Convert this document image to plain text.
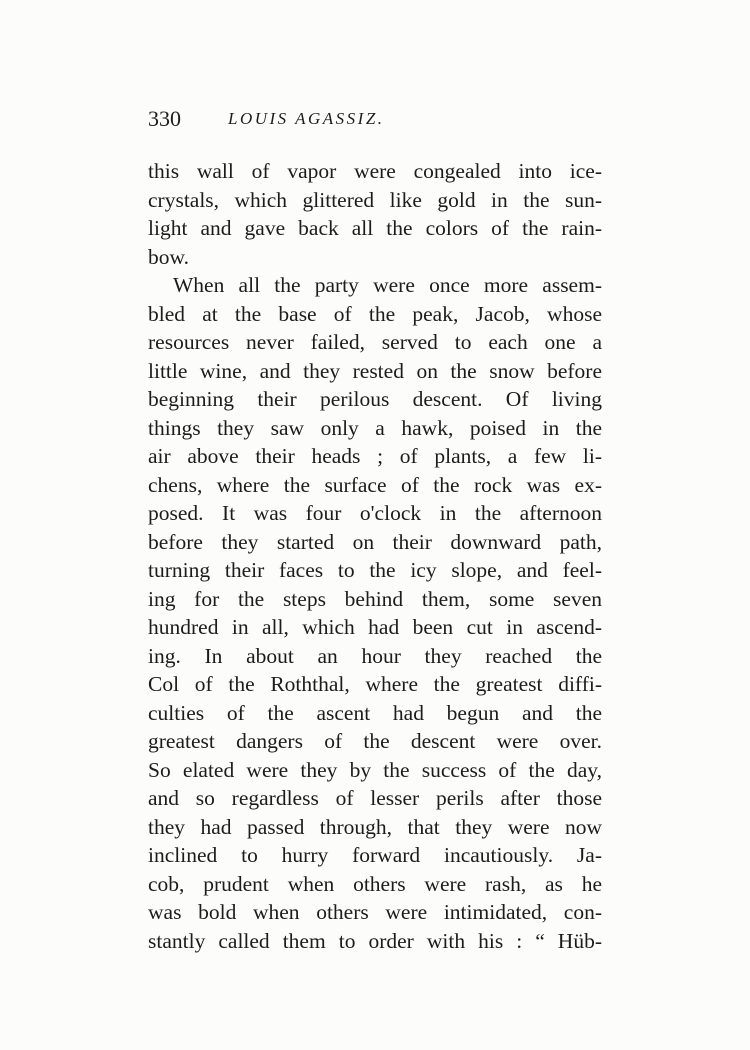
330	LOUIS AGASSIZ.
this wall of vapor were congealed into ice-
crystals, which glittered like gold in the sun-
light and gave back all the colors of the rain-
bow.
When all the party were once more assem-
bled at the base of the peak, Jacob, whose
resources never failed, served to each one a
little wine, and they rested on the snow before
beginning their perilous descent. Of living
things they saw only a hawk, poised in the
air above their heads ; of plants, a few li-
chens, where the surface of the rock was ex-
posed. It was four o'clock in the afternoon
before they started on their downward path,
turning their faces to the icy slope, and feel-
ing for the steps behind them, some seven
hundred in all, which had been cut in ascend-
ing. In about an hour they reached the
Col of the Roththal, where the greatest diffi-
culties of the ascent had begun and the
greatest dangers of the descent were over.
So elated were they by the success of the day,
and so regardless of lesser perils after those
they had passed through, that they were now
inclined to hurry forward incautiously. Ja-
cob, prudent when others were rash, as he
was bold when others were intimidated, con-
stantly called them to order with his : “ Hüb-
